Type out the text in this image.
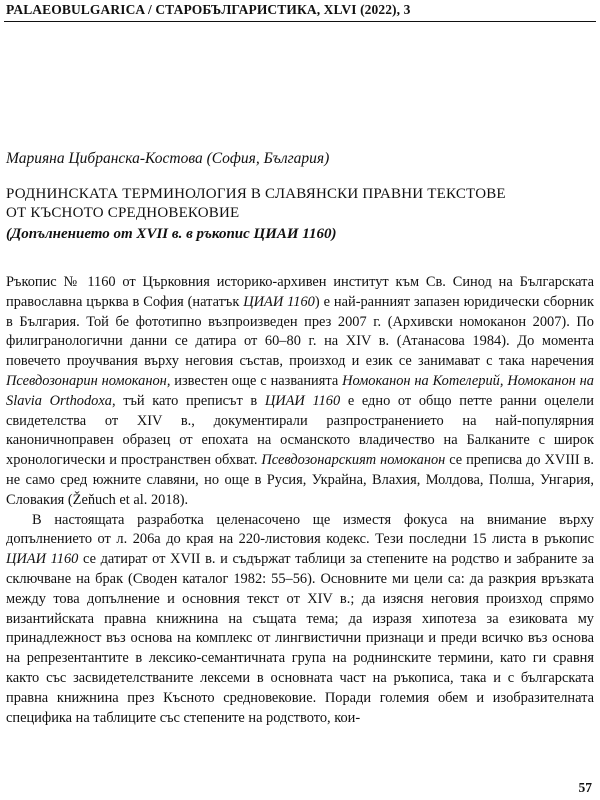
PALAEOBULGARICA / СТАРОБЪЛГАРИСТИКА, XLVI (2022), 3
Марияна Цибранска-Костова (София, България)
РОДНИНСКАТА ТЕРМИНОЛОГИЯ В СЛАВЯНСКИ ПРАВНИ ТЕКСТОВЕ
ОТ КЪСНОТО СРЕДНОВЕКОВИЕ
(Допълнението от XVII в. в ръкопис ЦИАИ 1160)

Ръкопис № 1160 от Църковния историко-архивен институт към Св. Синод на Българската православна църква в София (нататък ЦИАИ 1160) е най-ранният запазен юридически сборник в България. Той бе фототипно възпроизведен през 2007 г. (Архивски номоканон 2007). По филигранологични данни се датира от 60–80 г. на XIV в. (Атанасова 1984). До момента повечето проучвания върху неговия състав, произход и език се занимават с така наречения Псевдозонарин номоканон, известен още с названията Номоканон на Котелерий, Номоканон на Slavia Orthodoxa, тъй като преписът в ЦИАИ 1160 е едно от общо петте ранни оцелели свидетелства от XIV в., документирали разпространението на най-популярния каноничноправен образец от епохата на османското владичество на Балканите с широк хронологически и пространствен обхват. Псевдозонарският номоканон се преписва до XVIII в. не само сред южните славяни, но още в Русия, Украйна, Влахия, Молдова, Полша, Унгария, Словакия (Žeňuch et al. 2018).

В настоящата разработка целенасочено ще изместя фокуса на внимание върху допълнението от л. 206а до края на 220-листовия кодекс. Тези последни 15 листа в ръкопис ЦИАИ 1160 се датират от XVII в. и съдържат таблици за степените на родство и забраните за сключване на брак (Своден каталог 1982: 55–56). Основните ми цели са: да разкрия връзката между това допълнение и основния текст от XIV в.; да изясня неговия произход спрямо византийската правна книжнина на същата тема; да изразя хипотеза за езиковата му принадлежност въз основа на комплекс от лингвистични признаци и преди всичко въз основа на репрезентантите в лексико-семантичната група на роднинските термини, като ги сравня както със засвидетелстваните лексеми в основната част на ръкописа, така и с българската правна книжнина през Късното средновековие. Поради големия обем и изобразителната специфика на таблиците със степените на родството, кои-

57
